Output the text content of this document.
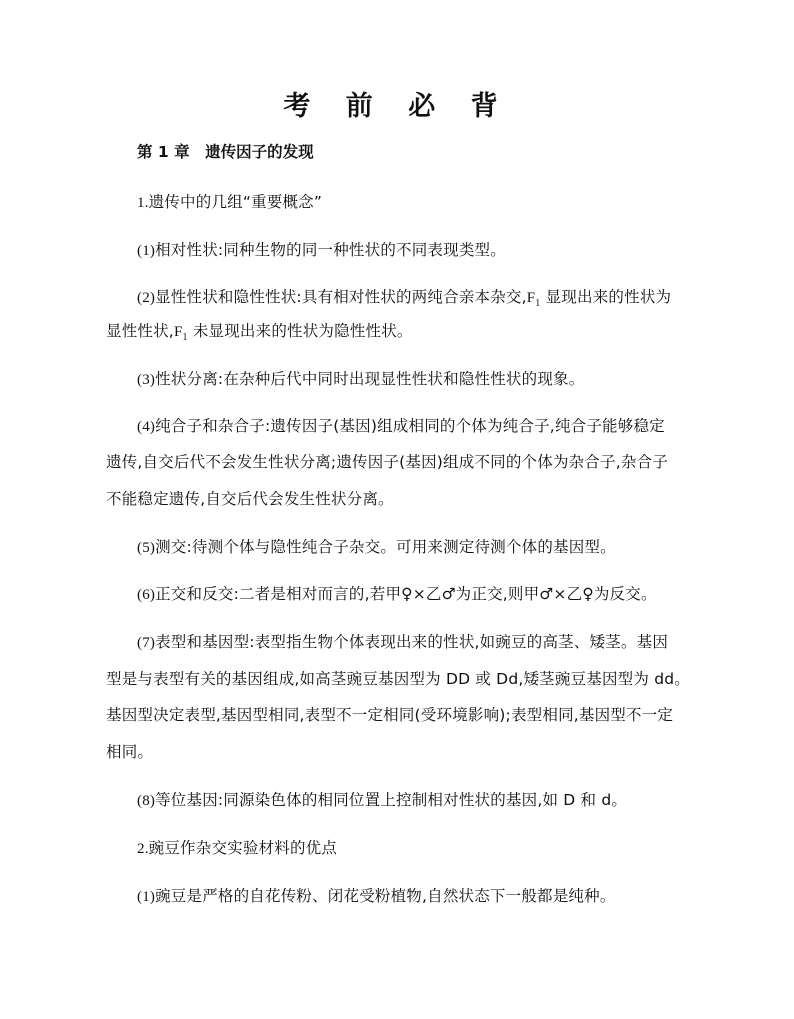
考 前 必 背
第 1 章　遗传因子的发现
1.遗传中的几组“重要概念”
(1)相对性状:同种生物的同一种性状的不同表现类型。
(2)显性性状和隐性性状:具有相对性状的两纯合亲本杂交$,F_1$ 显现出来的性状为
显性性状$,F_1$ 未显现出来的性状为隐性性状。
(3)性状分离:在杂种后代中同时出现显性性状和隐性性状的现象。
(4)纯合子和杂合子:遗传因子(基因)组成相同的个体为纯合子,纯合子能够稳定
遗传,自交后代不会发生性状分离;遗传因子(基因)组成不同的个体为杂合子,杂合子
不能稳定遗传,自交后代会发生性状分离。
(5)测交:待测个体与隐性纯合子杂交。可用来测定待测个体的基因型。
(6)正交和反交:二者是相对而言的,若甲♀×乙♂为正交,则甲♂×乙♀为反交。
(7)表型和基因型:表型指生物个体表现出来的性状,如豌豆的高茎、矮茎。基因
型是与表型有关的基因组成,如高茎豌豆基因型为 DD 或 Dd,矮茎豌豆基因型为 dd。
基因型决定表型,基因型相同,表型不一定相同(受环境影响);表型相同,基因型不一定
相同。
(8)等位基因:同源染色体的相同位置上控制相对性状的基因,如 D 和 d。
2.豌豆作杂交实验材料的优点
(1)豌豆是严格的自花传粉、闭花受粉植物,自然状态下一般都是纯种。
